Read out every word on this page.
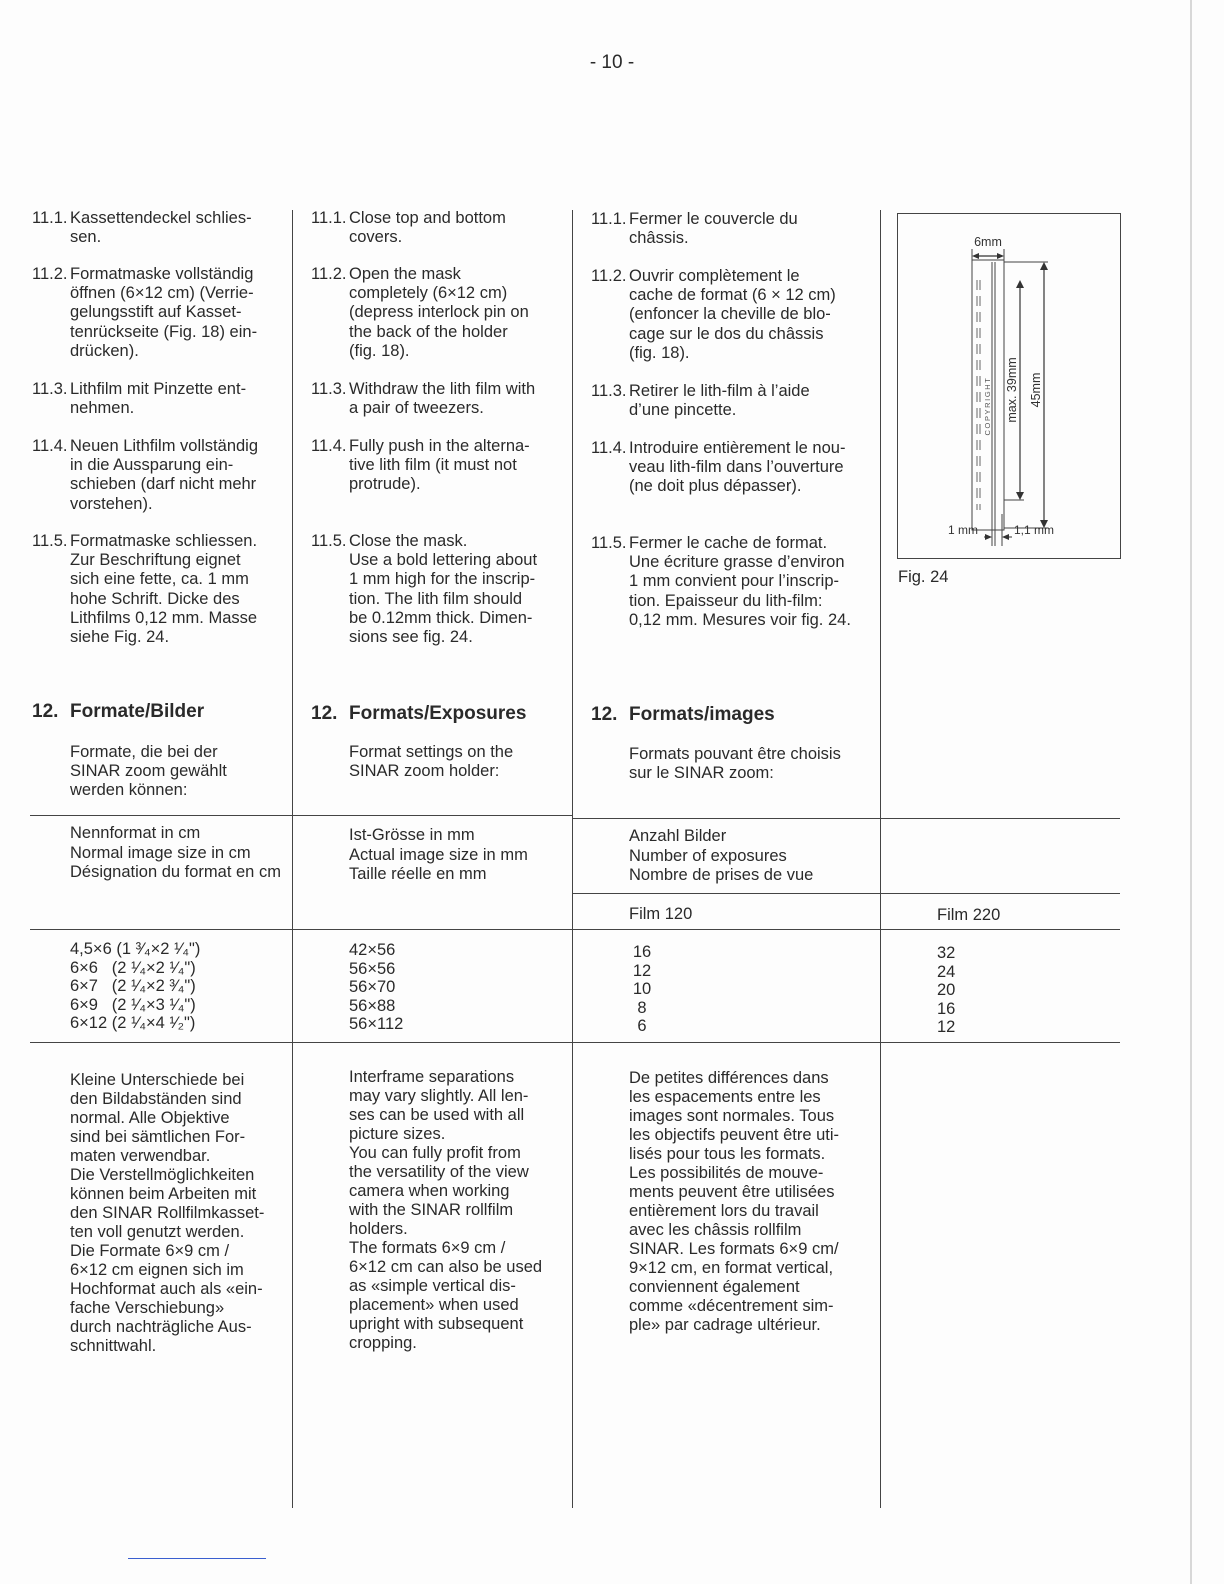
- 10 -
11.1. Kassettendeckel schlies-
sen.
11.2. Formatmaske vollständig
öffnen (6×12 cm) (Verrie-
gelungsstift auf Kasset-
tenrückseite (Fig. 18) ein-
drücken).
11.3. Lithfilm mit Pinzette ent-
nehmen.
11.4. Neuen Lithfilm vollständig
in die Aussparung ein-
schieben (darf nicht mehr
vorstehen).
11.5. Formatmaske schliessen.
Zur Beschriftung eignet
sich eine fette, ca. 1 mm
hohe Schrift. Dicke des
Lithfilms 0,12 mm. Masse
siehe Fig. 24.
12. Formate/Bilder
Formate, die bei der
SINAR zoom gewählt
werden können:
11.1. Close top and bottom
covers.
11.2. Open the mask
completely (6×12 cm)
(depress interlock pin on
the back of the holder
(fig. 18).
11.3. Withdraw the lith film with
a pair of tweezers.
11.4. Fully push in the alterna-
tive lith film (it must not
protrude).
11.5. Close the mask.
Use a bold lettering about
1 mm high for the inscrip-
tion. The lith film should
be 0.12mm thick. Dimen-
sions see fig. 24.
12. Formats/Exposures
Format settings on the
SINAR zoom holder:
11.1. Fermer le couvercle du
châssis.
11.2. Ouvrir complètement le
cache de format (6 × 12 cm)
(enfoncer la cheville de blo-
cage sur le dos du châssis
(fig. 18).
11.3. Retirer le lith-film à l’aide
d’une pincette.
11.4. Introduire entièrement le nou-
veau lith-film dans l’ouverture
(ne doit plus dépasser).
11.5. Fermer le cache de format.
Une écriture grasse d’environ
1 mm convient pour l’inscrip-
tion. Epaisseur du lith-film:
0,12 mm. Mesures voir fig. 24.
12. Formats/images
Formats pouvant être choisis
sur le SINAR zoom:
6mm
max. 39mm 45mm
COPYRIGHT
1 mm	1,1 mm
Fig. 24
Nennformat in cm
Normal image size in cm
Désignation du format en cm
Ist-Grösse in mm
Actual image size in mm
Taille réelle en mm
Anzahl Bilder
Number of exposures
Nombre de prises de vue
Film 120	Film 220
4,5×6 (1 ³⁄₄×2 ¹⁄₄")
6×6   (2 ¹⁄₄×2 ¹⁄₄")
6×7   (2 ¹⁄₄×2 ³⁄₄")
6×9   (2 ¹⁄₄×3 ¹⁄₄")
6×12 (2 ¹⁄₄×4 ¹⁄₂")
42×56
56×56
56×70
56×88
56×112
16
12
10
8
6
32
24
20
16
12
Kleine Unterschiede bei
den Bildabständen sind
normal. Alle Objektive
sind bei sämtlichen For-
maten verwendbar.
Die Verstellmöglichkeiten
können beim Arbeiten mit
den SINAR Rollfilmkasset-
ten voll genutzt werden.
Die Formate 6×9 cm /
6×12 cm eignen sich im
Hochformat auch als «ein-
fache Verschiebung»
durch nachträgliche Aus-
schnittwahl.
Interframe separations
may vary slightly. All len-
ses can be used with all
picture sizes.
You can fully profit from
the versatility of the view
camera when working
with the SINAR rollfilm
holders.
The formats 6×9 cm /
6×12 cm can also be used
as «simple vertical dis-
placement» when used
upright with subsequent
cropping.
De petites différences dans
les espacements entre les
images sont normales. Tous
les objectifs peuvent être uti-
lisés pour tous les formats.
Les possibilités de mouve-
ments peuvent être utilisées
entièrement lors du travail
avec les châssis rollfilm
SINAR. Les formats 6×9 cm/
9×12 cm, en format vertical,
conviennent également
comme «décentrement sim-
ple» par cadrage ultérieur.
